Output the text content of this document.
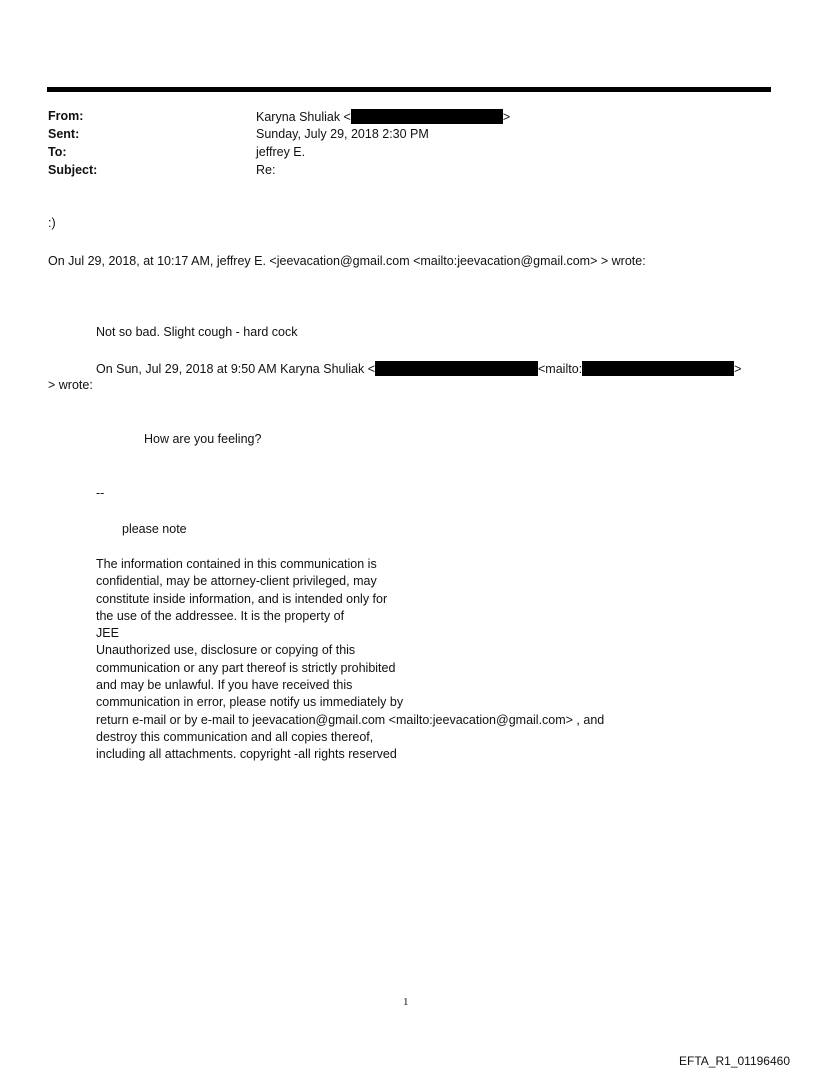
From:	Karyna Shuliak <	>
Sent:	Sunday, July 29, 2018 2:30 PM
To:	jeffrey E.
Subject:	Re:
:)
On Jul 29, 2018, at 10:17 AM, jeffrey E. <jeevacation@gmail.com <mailto:jeevacation@gmail.com> > wrote:
Not so bad. Slight cough - hard cock
On Sun, Jul 29, 2018 at 9:50 AM Karyna Shuliak <	<mailto:	>
> wrote:
How are you feeling?
--
please note
The information contained in this communication is
confidential, may be attorney-client privileged, may
constitute inside information, and is intended only for
the use of the addressee. It is the property of
JEE
Unauthorized use, disclosure or copying of this
communication or any part thereof is strictly prohibited
and may be unlawful. If you have received this
communication in error, please notify us immediately by
return e-mail or by e-mail to jeevacation@gmail.com <mailto:jeevacation@gmail.com> , and
destroy this communication and all copies thereof,
including all attachments. copyright -all rights reserved
1
EFTA_R1_01196460
